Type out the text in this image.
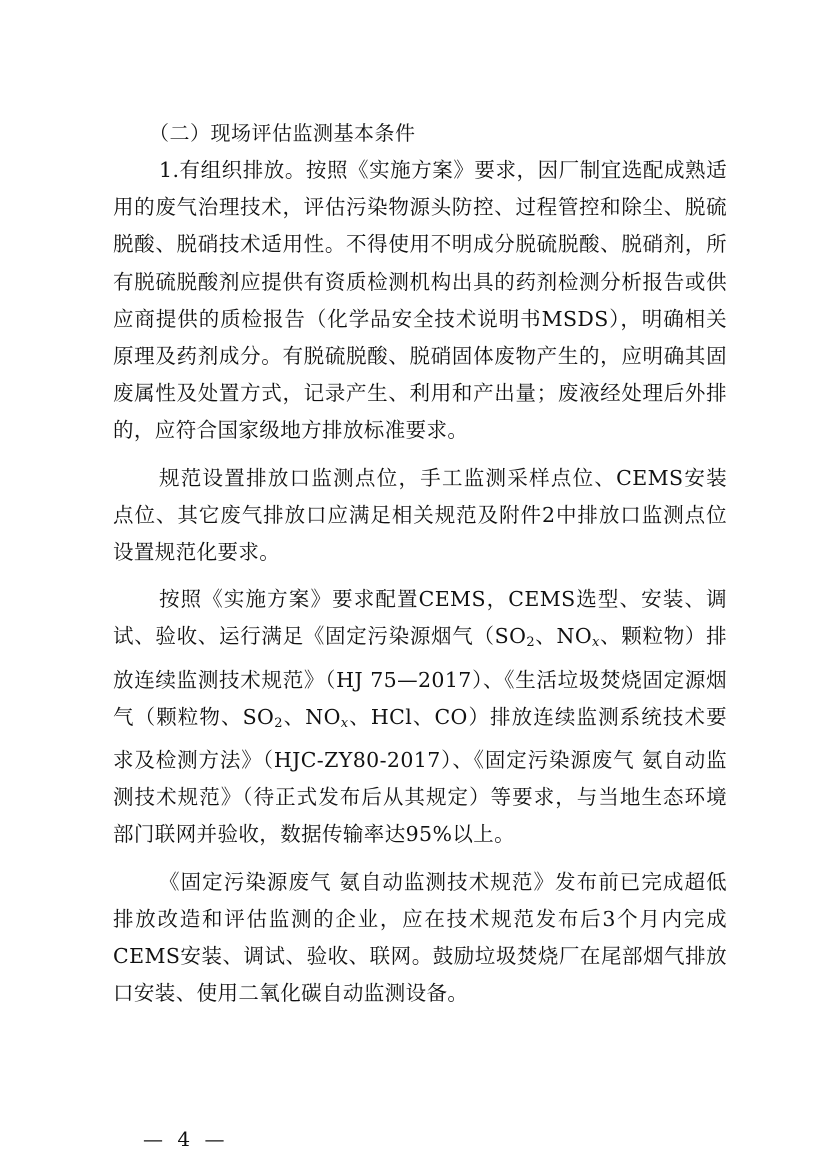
（二）现场评估监测基本条件

1.有组织排放。按照《实施方案》要求，因厂制宜选配成熟适用的废气治理技术，评估污染物源头防控、过程管控和除尘、脱硫脱酸、脱硝技术适用性。不得使用不明成分脱硫脱酸、脱硝剂，所有脱硫脱酸剂应提供有资质检测机构出具的药剂检测分析报告或供应商提供的质检报告（化学品安全技术说明书MSDS），明确相关原理及药剂成分。有脱硫脱酸、脱硝固体废物产生的，应明确其固废属性及处置方式，记录产生、利用和产出量；废液经处理后外排的，应符合国家级地方排放标准要求。

规范设置排放口监测点位，手工监测采样点位、CEMS安装点位、其它废气排放口应满足相关规范及附件2中排放口监测点位设置规范化要求。

按照《实施方案》要求配置CEMS，CEMS选型、安装、调试、验收、运行满足《固定污染源烟气（$SO_2$、$NO_x$、颗粒物）排放连续监测技术规范》（HJ 75—2017）、《生活垃圾焚烧固定源烟气（颗粒物、$SO_2$、$NO_x$、HCl、CO）排放连续监测系统技术要求及检测方法》（HJC-ZY80-2017）、《固定污染源废气 氨自动监测技术规范》（待正式发布后从其规定）等要求，与当地生态环境部门联网并验收，数据传输率达95%以上。

《固定污染源废气 氨自动监测技术规范》发布前已完成超低排放改造和评估监测的企业，应在技术规范发布后3个月内完成CEMS安装、调试、验收、联网。鼓励垃圾焚烧厂在尾部烟气排放口安装、使用二氧化碳自动监测设备。

— 4 —
